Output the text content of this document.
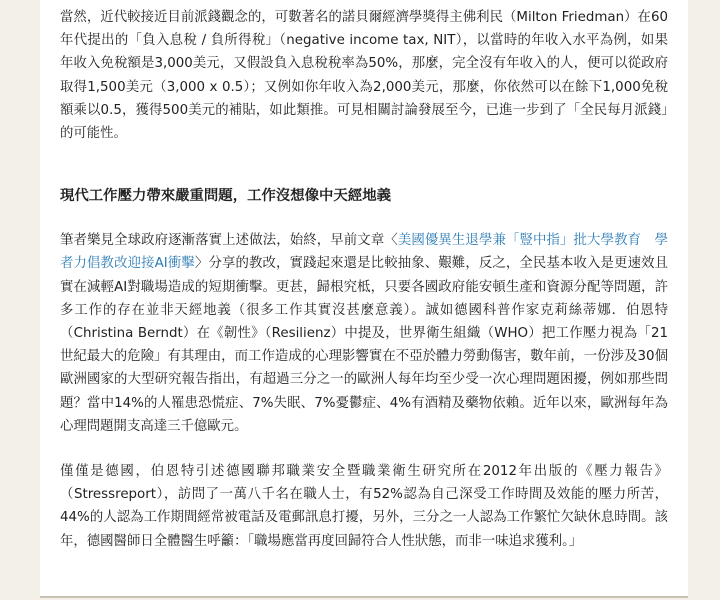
當然，近代較接近目前派錢觀念的，可數著名的諾貝爾經濟學獎得主佛利民（Milton Friedman）在60年代提出的「負入息稅 / 負所得稅」（negative income tax, NIT），以當時的年收入水平為例，如果年收入免稅額是3,000美元，又假設負入息稅稅率為50%，那麼，完全沒有年收入的人，便可以從政府取得1,500美元（3,000 x 0.5）；又例如你年收入為2,000美元，那麼，你依然可以在餘下1,000免稅額乘以0.5，獲得500美元的補貼，如此類推。可見相關討論發展至今，已進一步到了「全民每月派錢」的可能性。

現代工作壓力帶來嚴重問題，工作沒想像中天經地義

筆者樂見全球政府逐漸落實上述做法，始終，早前文章〈美國優異生退學兼「豎中指」批大學教育　學者力倡教改迎接AI衝擊〉分享的教改，實踐起來還是比較抽象、艱難，反之，全民基本收入是更速效且實在減輕AI對職場造成的短期衝擊。更甚，歸根究柢，只要各國政府能安頓生產和資源分配等問題，許多工作的存在並非天經地義（很多工作其實沒甚麼意義）。誠如德國科普作家克莉絲蒂娜．伯恩特（Christina Berndt）在《韌性》（Resilienz）中提及，世界衛生組織（WHO）把工作壓力視為「21世紀最大的危險」有其理由，而工作造成的心理影響實在不亞於體力勞動傷害，數年前，一份涉及30個歐洲國家的大型研究報告指出，有超過三分之一的歐洲人每年均至少受一次心理問題困擾，例如那些問題？當中14%的人罹患恐慌症、7%失眠、7%憂鬱症、4%有酒精及藥物依賴。近年以來，歐洲每年為心理問題開支高達三千億歐元。

僅僅是德國，伯恩特引述德國聯邦職業安全暨職業衛生研究所在2012年出版的《壓力報告》（Stressreport），訪問了一萬八千名在職人士，有52%認為自己深受工作時間及效能的壓力所苦，44%的人認為工作期間經常被電話及電郵訊息打擾，另外，三分之一人認為工作繁忙欠缺休息時間。該年，德國醫師日全體醫生呼籲：「職場應當再度回歸符合人性狀態，而非一味追求獲利。」
